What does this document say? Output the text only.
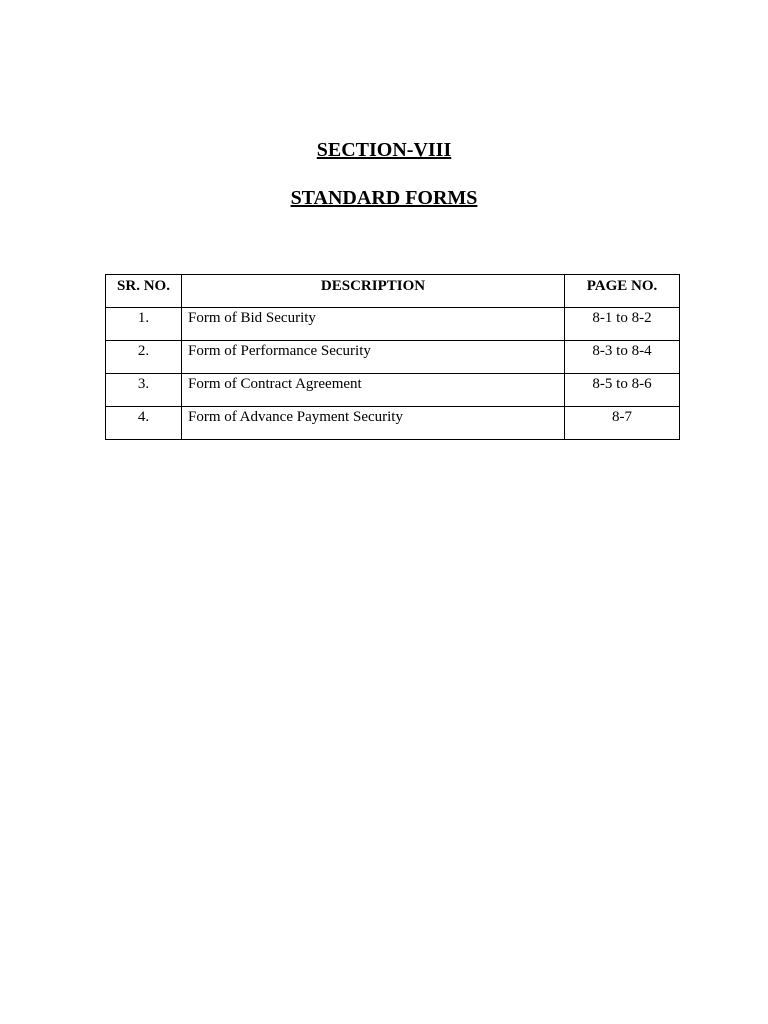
SECTION-VIII
STANDARD FORMS
SR. NO.	DESCRIPTION	PAGE NO.
1.	Form of Bid Security	8-1 to 8-2
2.	Form of Performance Security	8-3 to 8-4
3.	Form of Contract Agreement	8-5 to 8-6
4.	Form of Advance Payment Security	8-7
